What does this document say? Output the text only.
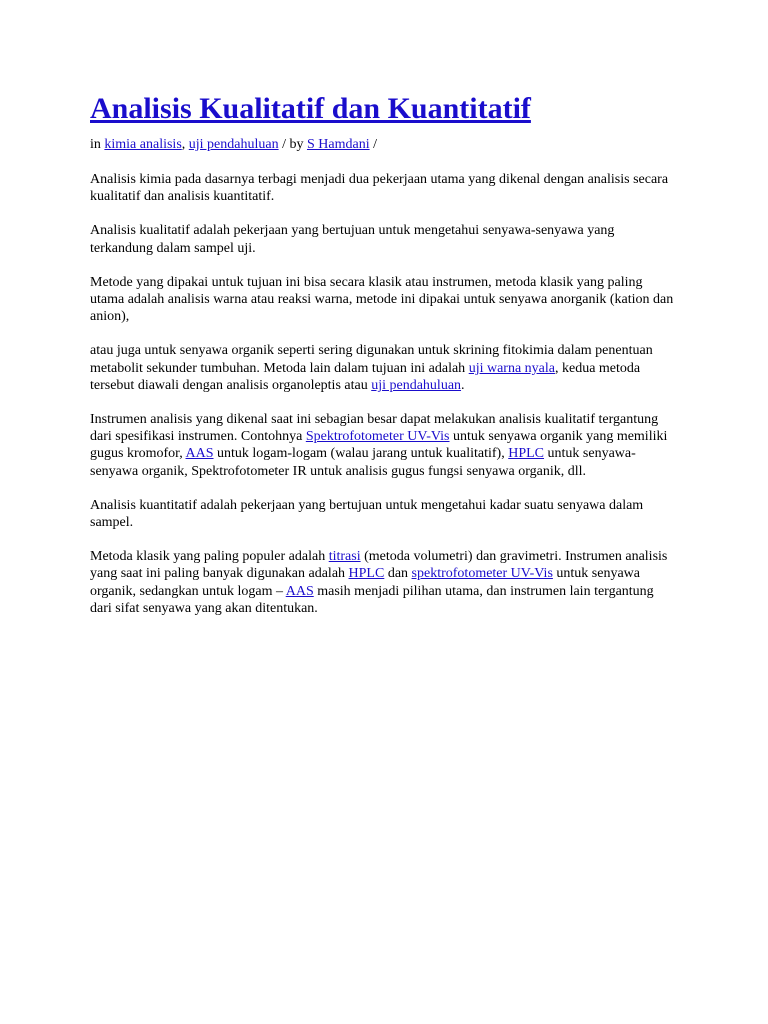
Analisis Kualitatif dan Kuantitatif
in kimia analisis, uji pendahuluan / by S Hamdani /

Analisis kimia pada dasarnya terbagi menjadi dua pekerjaan utama yang dikenal dengan analisis secara kualitatif dan analisis kuantitatif.

Analisis kualitatif adalah pekerjaan yang bertujuan untuk mengetahui senyawa-senyawa yang terkandung dalam sampel uji.

Metode yang dipakai untuk tujuan ini bisa secara klasik atau instrumen, metoda klasik yang paling utama adalah analisis warna atau reaksi warna, metode ini dipakai untuk senyawa anorganik (kation dan anion),

atau juga untuk senyawa organik seperti sering digunakan untuk skrining fitokimia dalam penentuan metabolit sekunder tumbuhan. Metoda lain dalam tujuan ini adalah uji warna nyala, kedua metoda tersebut diawali dengan analisis organoleptis atau uji pendahuluan.

Instrumen analisis yang dikenal saat ini sebagian besar dapat melakukan analisis kualitatif tergantung dari spesifikasi instrumen. Contohnya Spektrofotometer UV-Vis untuk senyawa organik yang memiliki gugus kromofor, AAS untuk logam-logam (walau jarang untuk kualitatif), HPLC untuk senyawa-senyawa organik, Spektrofotometer IR untuk analisis gugus fungsi senyawa organik, dll.

Analisis kuantitatif adalah pekerjaan yang bertujuan untuk mengetahui kadar suatu senyawa dalam sampel.

Metoda klasik yang paling populer adalah titrasi (metoda volumetri) dan gravimetri. Instrumen analisis yang saat ini paling banyak digunakan adalah HPLC dan spektrofotometer UV-Vis untuk senyawa organik, sedangkan untuk logam – AAS masih menjadi pilihan utama, dan instrumen lain tergantung dari sifat senyawa yang akan ditentukan.
